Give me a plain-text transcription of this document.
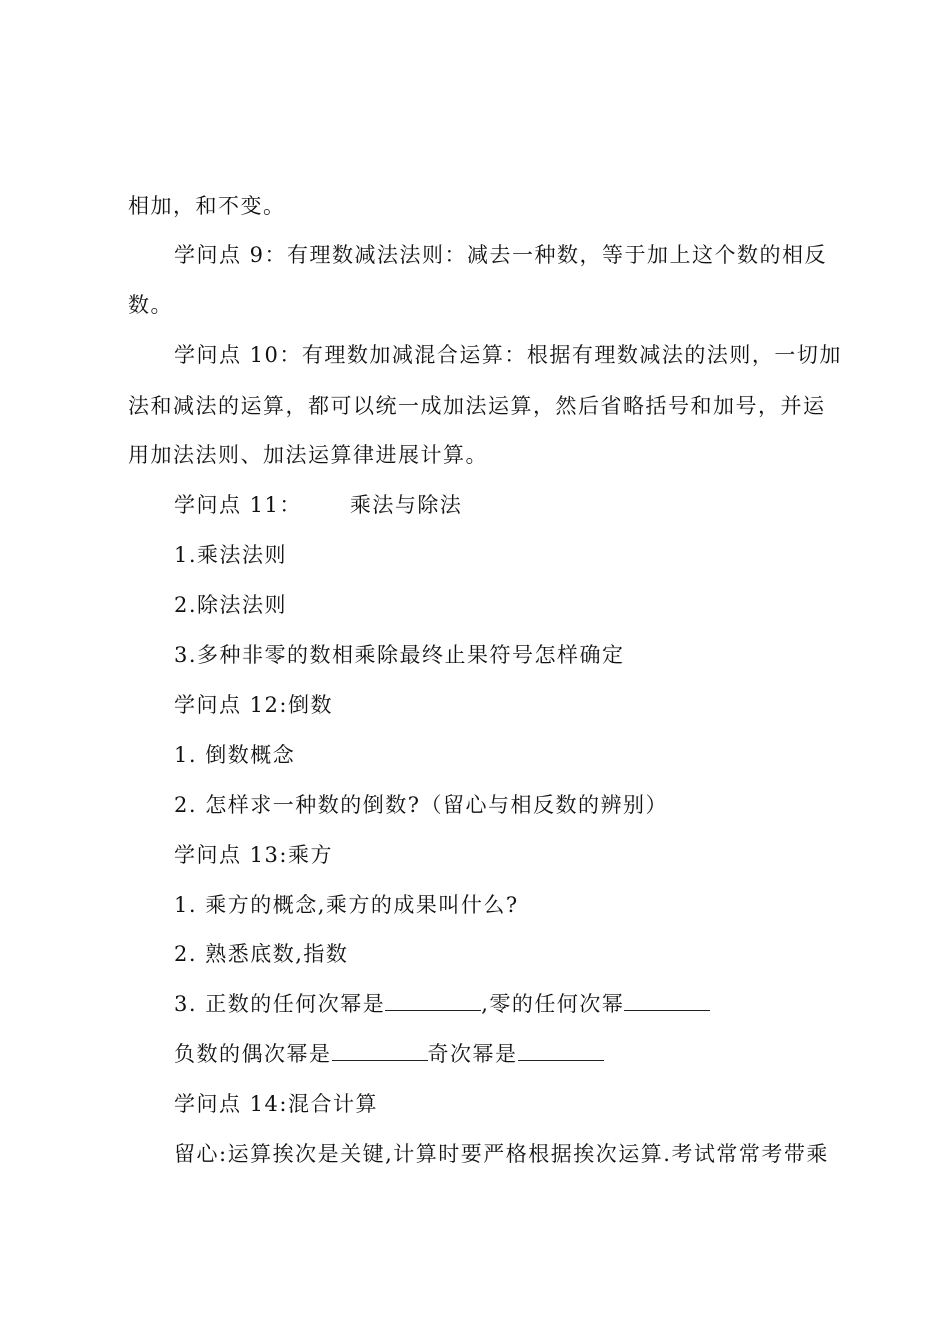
相加，和不变。
学问点 9：有理数减法法则：减去一种数，等于加上这个数的相反
数。
学问点 10：有理数加减混合运算：根据有理数减法的法则，一切加
法和减法的运算，都可以统一成加法运算，然后省略括号和加号，并运
用加法法则、加法运算律进展计算。
学问点 11： 乘法与除法
1.乘法法则
2.除法法则
3.多种非零的数相乘除最终止果符号怎样确定
学问点 12:倒数
1. 倒数概念
2. 怎样求一种数的倒数?（留心与相反数的辨别）
学问点 13:乘方
1. 乘方的概念,乘方的成果叫什么?
2. 熟悉底数,指数
3. 正数的任何次幂是	,零的任何次幂
负数的偶次幂是	奇次幂是
学问点 14:混合计算
留心:运算挨次是关键,计算时要严格根据挨次运算.考试常常考带乘
